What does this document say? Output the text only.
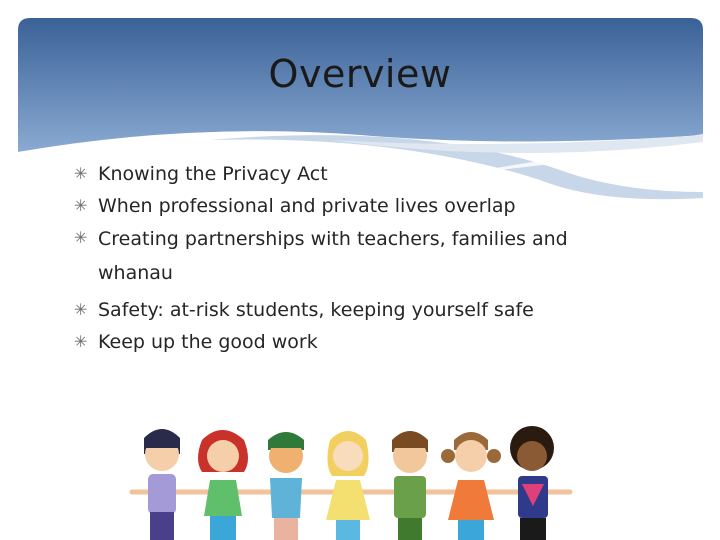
Overview
✳ Knowing the Privacy Act
✳ When professional and private lives overlap
✳ Creating partnerships with teachers, families and whanau
✳ Safety: at-risk students, keeping yourself safe
✳ Keep up the good work
